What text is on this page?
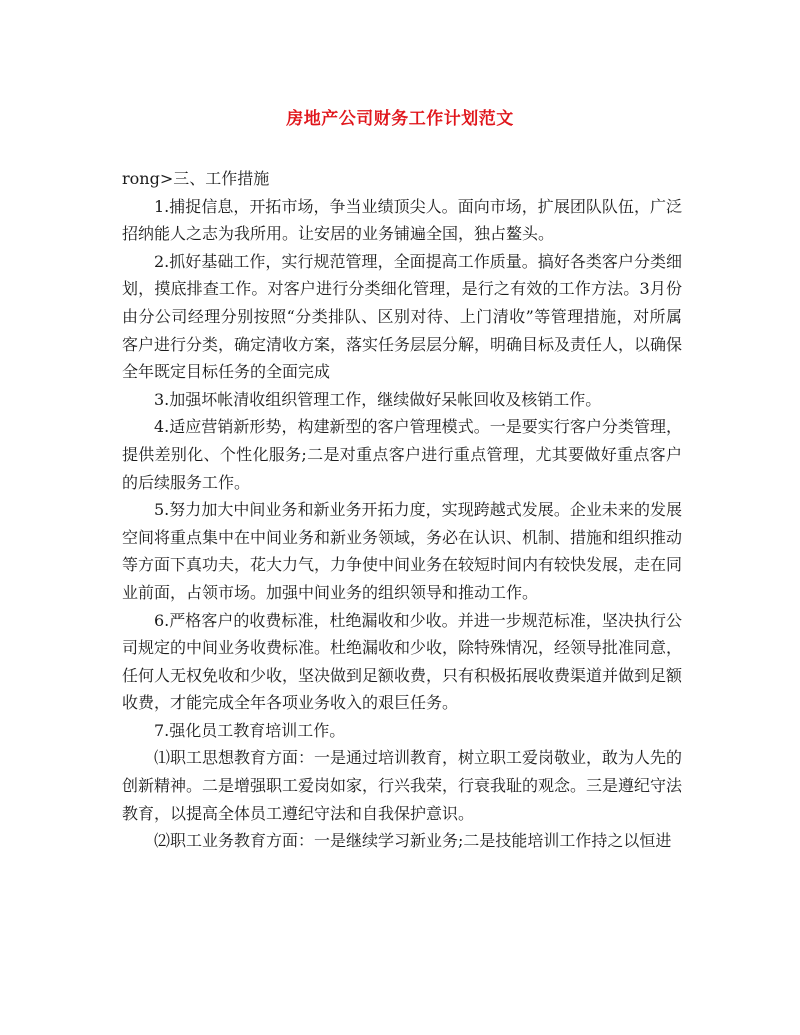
房地产公司财务工作计划范文

rong>三、工作措施

1.捕捉信息，开拓市场，争当业绩顶尖人。面向市场，扩展团队队伍，广泛招纳能人之志为我所用。让安居的业务铺遍全国，独占鳌头。

2.抓好基础工作，实行规范管理，全面提高工作质量。搞好各类客户分类细划，摸底排查工作。对客户进行分类细化管理，是行之有效的工作方法。3月份由分公司经理分别按照“分类排队、区别对待、上门清收”等管理措施，对所属客户进行分类，确定清收方案，落实任务层层分解，明确目标及责任人，以确保全年既定目标任务的全面完成

3.加强坏帐清收组织管理工作，继续做好呆帐回收及核销工作。

4.适应营销新形势，构建新型的客户管理模式。一是要实行客户分类管理，提供差别化、个性化服务;二是对重点客户进行重点管理，尤其要做好重点客户的后续服务工作。

5.努力加大中间业务和新业务开拓力度，实现跨越式发展。企业未来的发展空间将重点集中在中间业务和新业务领域，务必在认识、机制、措施和组织推动等方面下真功夫，花大力气，力争使中间业务在较短时间内有较快发展，走在同业前面，占领市场。加强中间业务的组织领导和推动工作。

6.严格客户的收费标准，杜绝漏收和少收。并进一步规范标准，坚决执行公司规定的中间业务收费标准。杜绝漏收和少收，除特殊情况，经领导批准同意，任何人无权免收和少收，坚决做到足额收费，只有积极拓展收费渠道并做到足额收费，才能完成全年各项业务收入的艰巨任务。

7.强化员工教育培训工作。

⑴职工思想教育方面：一是通过培训教育，树立职工爱岗敬业，敢为人先的创新精神。二是增强职工爱岗如家，行兴我荣，行衰我耻的观念。三是遵纪守法教育，以提高全体员工遵纪守法和自我保护意识。

⑵职工业务教育方面：一是继续学习新业务;二是技能培训工作持之以恒进
